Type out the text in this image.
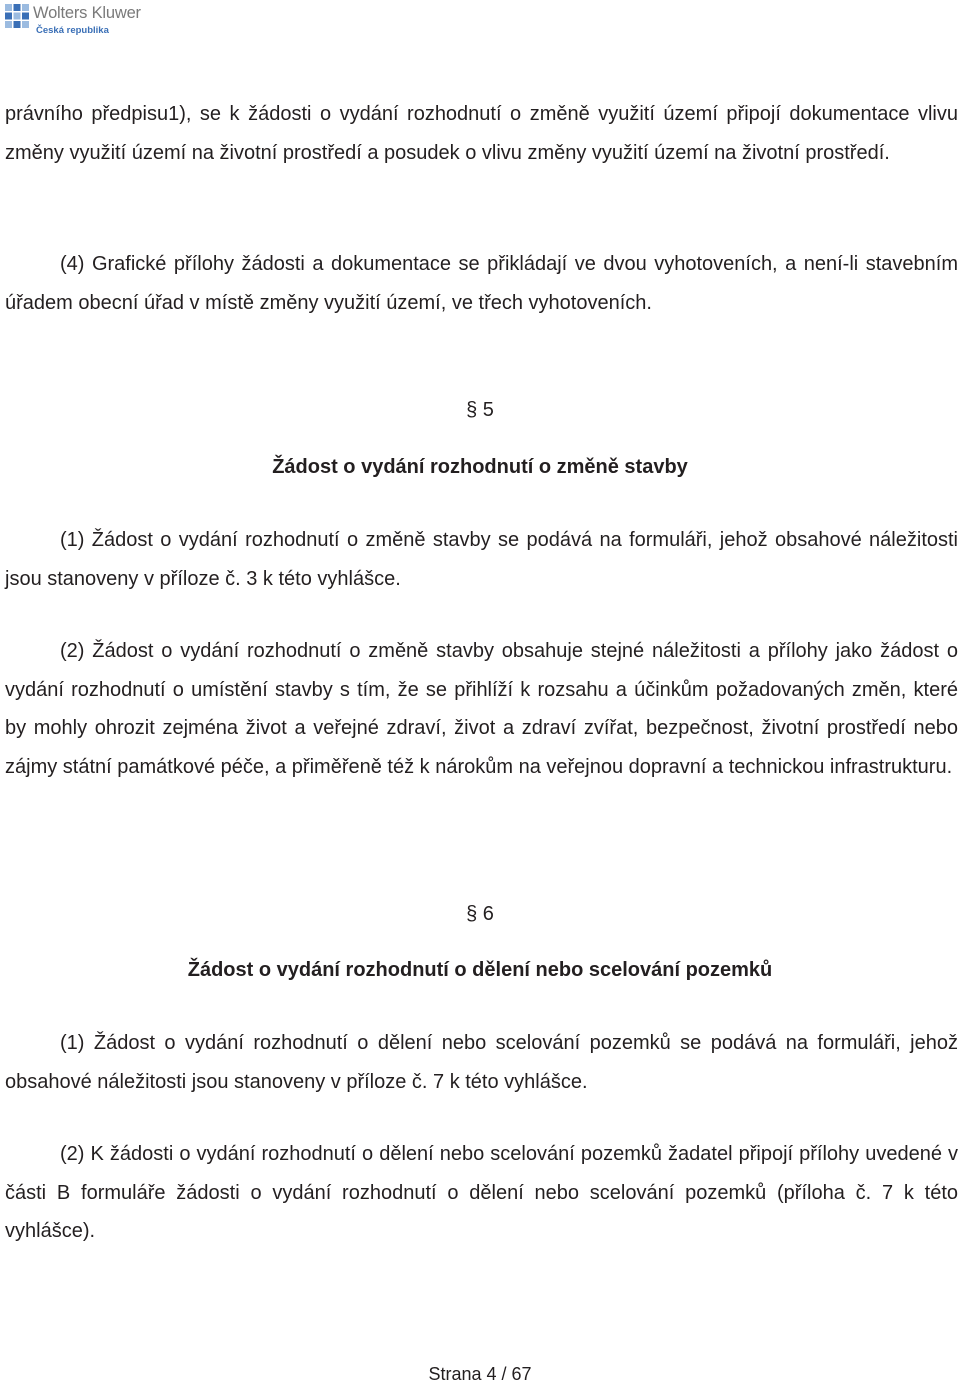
Wolters Kluwer
Česká republika

právního předpisu1), se k žádosti o vydání rozhodnutí o změně využití území připojí dokumentace vlivu změny využití území na životní prostředí a posudek o vlivu změny využití území na životní prostředí.

(4) Grafické přílohy žádosti a dokumentace se přikládají ve dvou vyhotoveních, a není-li stavebním úřadem obecní úřad v místě změny využití území, ve třech vyhotoveních.

§ 5
Žádost o vydání rozhodnutí o změně stavby

(1) Žádost o vydání rozhodnutí o změně stavby se podává na formuláři, jehož obsahové náležitosti jsou stanoveny v příloze č. 3 k této vyhlášce.

(2) Žádost o vydání rozhodnutí o změně stavby obsahuje stejné náležitosti a přílohy jako žádost o vydání rozhodnutí o umístění stavby s tím, že se přihlíží k rozsahu a účinkům požadovaných změn, které by mohly ohrozit zejména život a veřejné zdraví, život a zdraví zvířat, bezpečnost, životní prostředí nebo zájmy státní památkové péče, a přiměřeně též k nárokům na veřejnou dopravní a technickou infrastrukturu.

§ 6
Žádost o vydání rozhodnutí o dělení nebo scelování pozemků

(1) Žádost o vydání rozhodnutí o dělení nebo scelování pozemků se podává na formuláři, jehož obsahové náležitosti jsou stanoveny v příloze č. 7 k této vyhlášce.

(2) K žádosti o vydání rozhodnutí o dělení nebo scelování pozemků žadatel připojí přílohy uvedené v části B formuláře žádosti o vydání rozhodnutí o dělení nebo scelování pozemků (příloha č. 7 k této vyhlášce).

Strana 4 / 67
